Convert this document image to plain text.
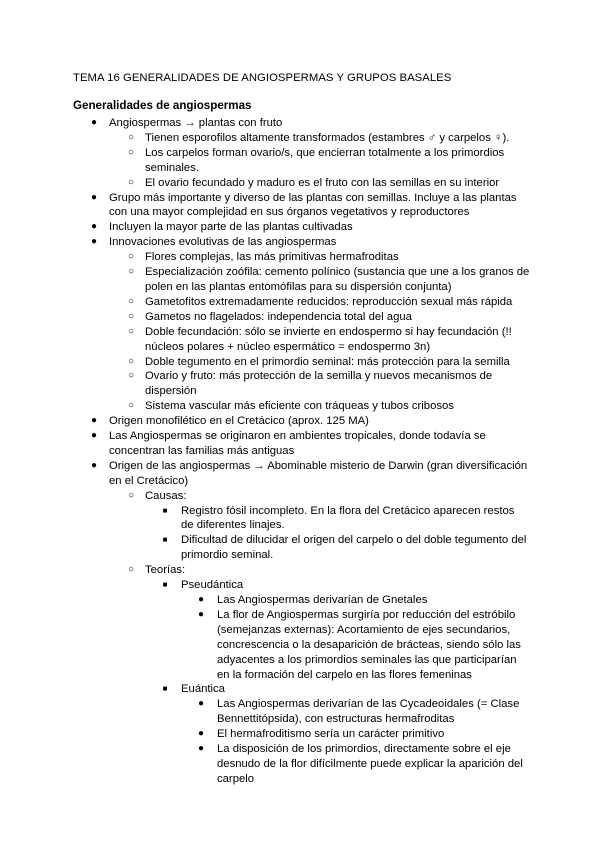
TEMA 16 GENERALIDADES DE ANGIOSPERMAS Y GRUPOS BASALES
Generalidades de angiospermas
● Angiospermas → plantas con fruto
○ Tienen esporofilos altamente transformados (estambres ♂ y carpelos ♀).
○ Los carpelos forman ovario/s, que encierran totalmente a los primordios seminales.
○ El ovario fecundado y maduro es el fruto con las semillas en su interior
● Grupo más importante y diverso de las plantas con semillas. Incluye a las plantas con una mayor complejidad en sus órganos vegetativos y reproductores
● Incluyen la mayor parte de las plantas cultivadas
● Innovaciones evolutivas de las angiospermas
○ Flores complejas, las más primitivas hermafroditas
○ Especialización zoófila: cemento polínico (sustancia que une a los granos de polen en las plantas entomófilas para su dispersión conjunta)
○ Gametofitos extremadamente reducidos: reproducción sexual más rápida
○ Gametos no flagelados: independencia total del agua
○ Doble fecundación: sólo se invierte en endospermo si hay fecundación (!! núcleos polares + núcleo espermático = endospermo 3n)
○ Doble tegumento en el primordio seminal: más protección para la semilla
○ Ovario y fruto: más protección de la semilla y nuevos mecanismos de dispersión
○ Sistema vascular más eficiente con tráqueas y tubos cribosos
● Origen monofilético en el Cretácico (aprox. 125 MA)
● Las Angiospermas se originaron en ambientes tropicales, donde todavía se concentran las familias más antiguas
● Origen de las angiospermas → Abominable misterio de Darwin (gran diversificación en el Cretácico)
○ Causas:
■ Registro fósil incompleto. En la flora del Cretácico aparecen restos de diferentes linajes.
■ Dificultad de dilucidar el origen del carpelo o del doble tegumento del primordio seminal.
○ Teorías:
■ Pseudántica
● Las Angiospermas derivarían de Gnetales
● La flor de Angiospermas surgiría por reducción del estróbilo (semejanzas externas): Acortamiento de ejes secundarios, concrescencia o la desaparición de brácteas, siendo sólo las adyacentes a los primordios seminales las que participarían en la formación del carpelo en las flores femeninas
■ Euántica
● Las Angiospermas derivarían de las Cycadeoidales (= Clase Bennettitópsida), con estructuras hermafroditas
● El hermafroditismo sería un carácter primitivo
● La disposición de los primordios, directamente sobre el eje desnudo de la flor difícilmente puede explicar la aparición del carpelo
